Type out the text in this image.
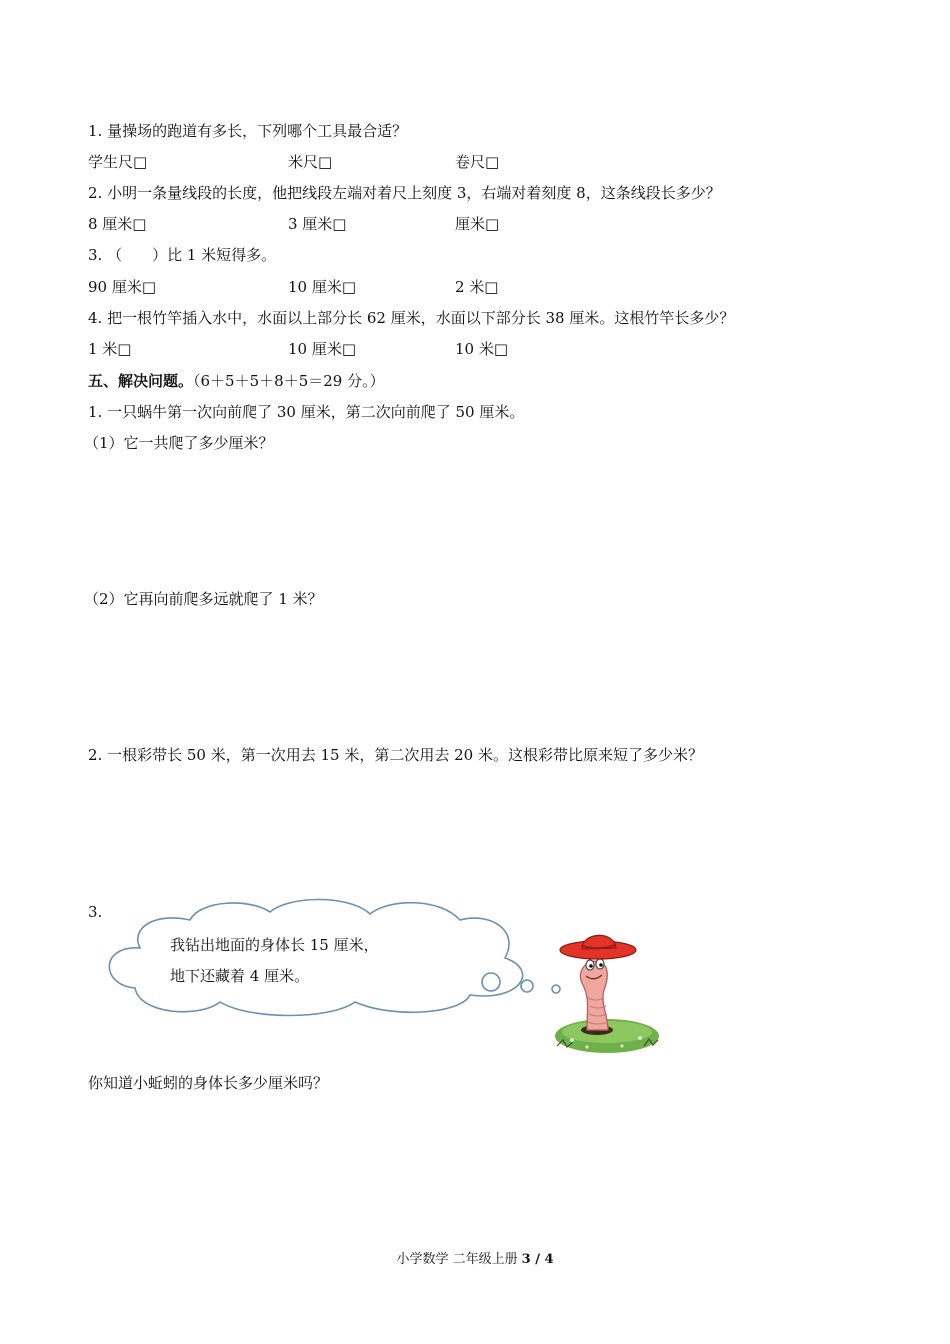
1. 量操场的跑道有多长，下列哪个工具最合适？
学生尺□	米尺□	卷尺□
2. 小明一条量线段的长度，他把线段左端对着尺上刻度 3，右端对着刻度 8，这条线段长多少？
8 厘米□	3 厘米□	厘米□
3. （　　）比 1 米短得多。
90 厘米□	10 厘米□	2 米□
4. 把一根竹竿插入水中，水面以上部分长 62 厘米，水面以下部分长 38 厘米。这根竹竿长多少？
1 米□	10 厘米□	10 米□
五、解决问题。（6＋5＋5＋8＋5＝29 分。）
1. 一只蜗牛第一次向前爬了 30 厘米，第二次向前爬了 50 厘米。
（1）它一共爬了多少厘米？
（2）它再向前爬多远就爬了 1 米？
2. 一根彩带长 50 米，第一次用去 15 米，第二次用去 20 米。这根彩带比原来短了多少米？
3.
我钻出地面的身体长 15 厘米，
地下还藏着 4 厘米。
你知道小蚯蚓的身体长多少厘米吗？
小学数学 二年级上册 3 / 4
